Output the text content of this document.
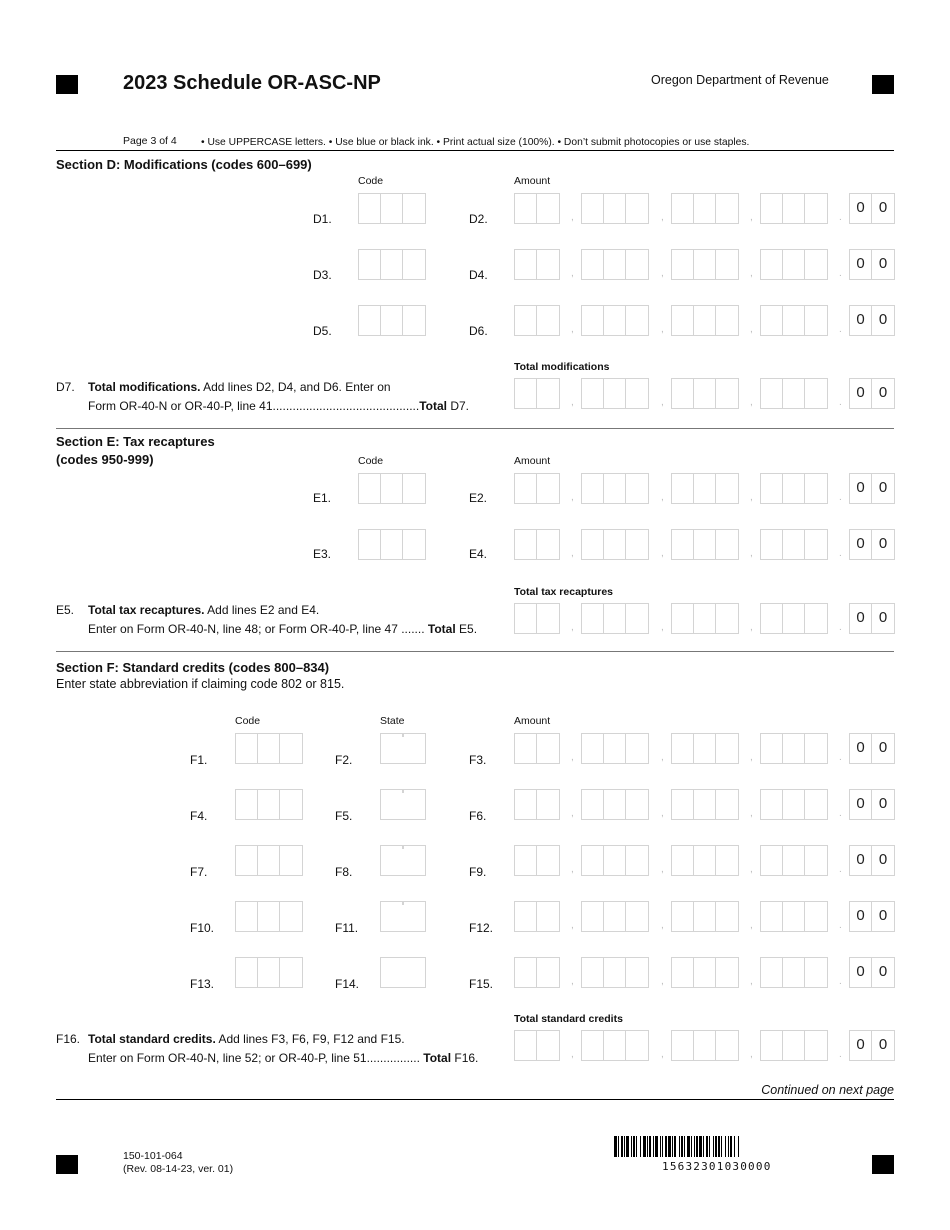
2023 Schedule OR-ASC-NP	Oregon Department of Revenue
Page 3 of 4 • Use UPPERCASE letters. • Use blue or black ink. • Print actual size (100%). • Don’t submit photocopies or use staples.
Section D: Modifications (codes 600–699)
Code	Amount
D1.	D2.	,	,	,	.
0 0
D3.	D4.	,	,	,	.
0 0
D5.	D6.	,	,	,	.
0 0
Total modifications
D7. Total modifications. Add lines D2, D4, and D6. Enter on
Form OR-40-N or OR-40-P, line 41............................................Total D7.	,	,	,	.
0 0
Section E: Tax recaptures
(codes 950-999)	Code	Amount
E1.	E2.	,	,	,	.
0 0
E3.	E4.	,	,	,	.
0 0
Total tax recaptures
E5. Total tax recaptures. Add lines E2 and E4.
Enter on Form OR-40-N, line 48; or Form OR-40-P, line 47 ....... Total E5.	,	,	,	.
0 0
Section F: Standard credits (codes 800–834)
Enter state abbreviation if claiming code 802 or 815.
Code	State	Amount
F1.	F2.	F3.	,	,	,	.
0 0
F4.	F5.	F6.	,	,	,	.
0 0
F7.	F8.	F9.	,	,	,	.
0 0
F10.	F11.	F12.	,	,	,	.
0 0
F13.	F14.	F15.	,	,	,	.
0 0
Total standard credits
F16. Total standard credits. Add lines F3, F6, F9, F12 and F15.
Enter on Form OR-40-N, line 52; or OR-40-P, line 51................ Total F16.	,	,	,	.
0 0
Continued on next page
150-101-064
(Rev. 08-14-23, ver. 01)	15632301030000
